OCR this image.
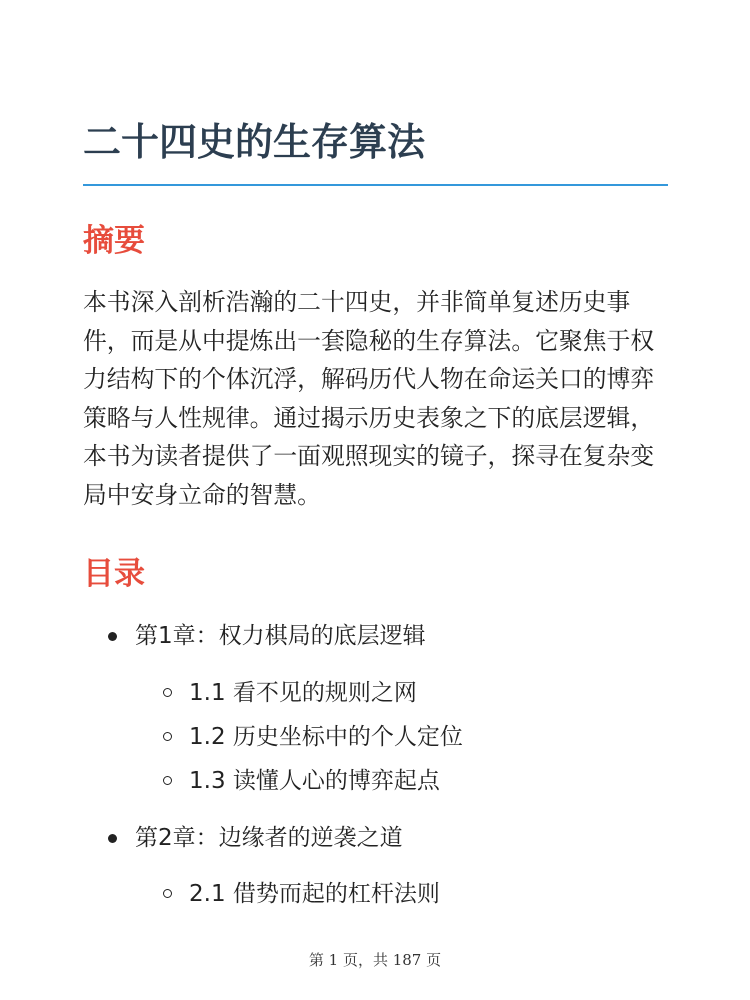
二十四史的生存算法
摘要

本书深入剖析浩瀚的二十四史，并非简单复述历史事件，而是从中提炼出一套隐秘的生存算法。它聚焦于权力结构下的个体沉浮，解码历代人物在命运关口的博弈策略与人性规律。通过揭示历史表象之下的底层逻辑，本书为读者提供了一面观照现实的镜子，探寻在复杂变局中安身立命的智慧。

目录
第1章：权力棋局的底层逻辑
1.1 看不见的规则之网
1.2 历史坐标中的个人定位
1.3 读懂人心的博弈起点
第2章：边缘者的逆袭之道
2.1 借势而起的杠杆法则
第 1 页，共 187 页
